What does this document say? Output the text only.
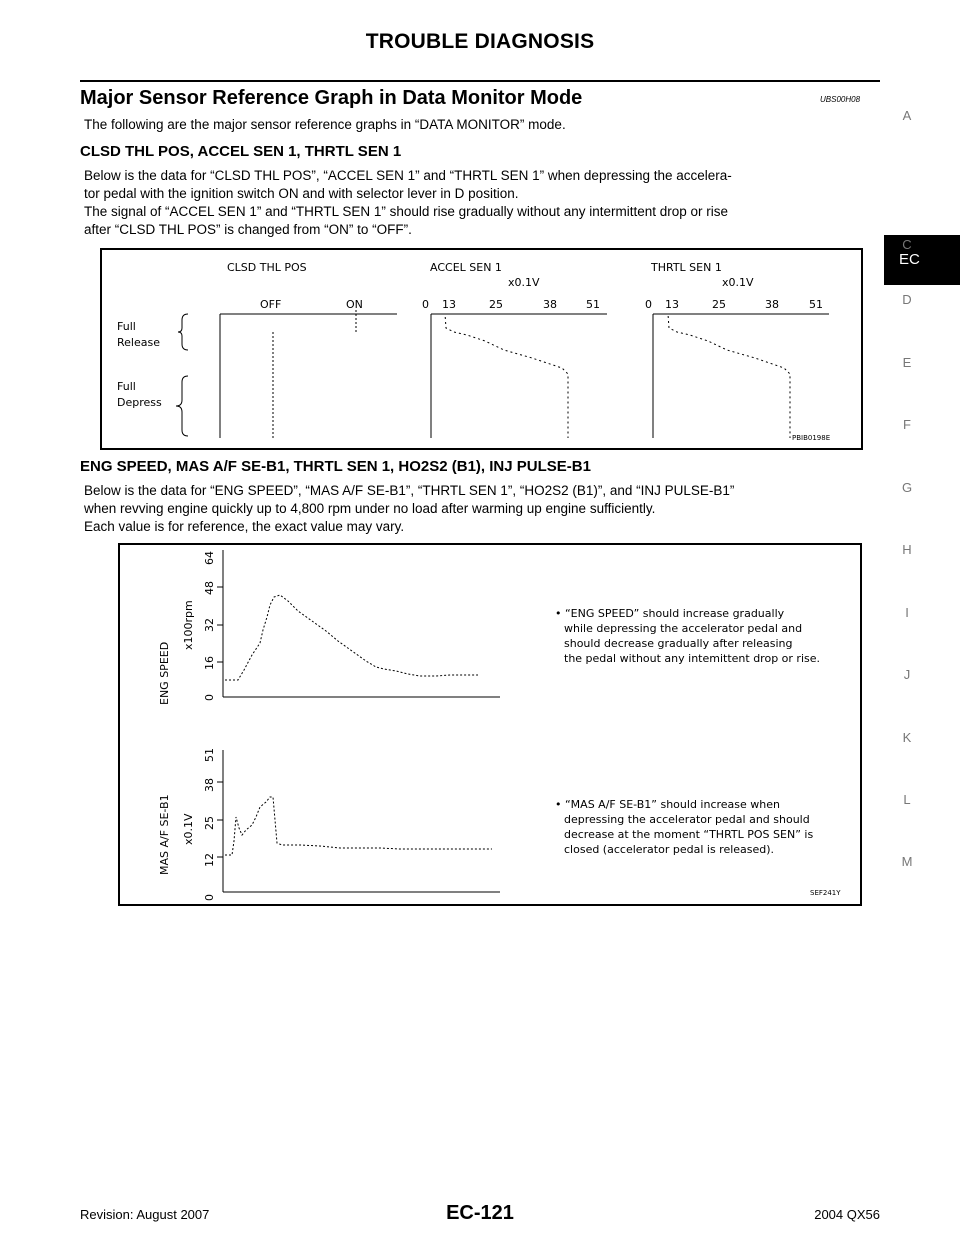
TROUBLE DIAGNOSIS
Major Sensor Reference Graph in Data Monitor Mode	UBS00H08
The following are the major sensor reference graphs in “DATA MONITOR” mode.
CLSD THL POS, ACCEL SEN 1, THRTL SEN 1
Below is the data for “CLSD THL POS”, “ACCEL SEN 1” and “THRTL SEN 1” when depressing the accelera-
tor pedal with the ignition switch ON and with selector lever in D position.
The signal of “ACCEL SEN 1” and “THRTL SEN 1” should rise gradually without any intermittent drop or rise
after “CLSD THL POS” is changed from “ON” to “OFF”.
CLSD THL POS	ACCEL SEN 1	THRTL SEN 1
x0.1V	x0.1V
OFF	ON	0 13	25	38	51	0 13	25	38	51
Full
Release
Full
Depress
PBIB0198E
ENG SPEED, MAS A/F SE-B1, THRTL SEN 1, HO2S2 (B1), INJ PULSE-B1
Below is the data for “ENG SPEED”, “MAS A/F SE-B1”, “THRTL SEN 1”, “HO2S2 (B1)”, and “INJ PULSE-B1”
when revving engine quickly up to 4,800 rpm under no load after warming up engine sufficiently.
Each value is for reference, the exact value may vary.
ENG SPEED
x100rpm
0
16
32
48
64
• “ENG SPEED” should increase gradually
while depressing the accelerator pedal and
should decrease gradually after releasing
the pedal without any intemittent drop or rise.
MAS A/F SE-B1 x0.1V
0
12
25
38
51
• “MAS A/F SE-B1” should increase when
depressing the accelerator pedal and should
decrease at the moment “THRTL POS SEN” is
closed (accelerator pedal is released).
SEF241Y
A
EC
C
D
E
F
G
H
I
J
K
L
M
Revision: August 2007	EC-121	2004 QX56
